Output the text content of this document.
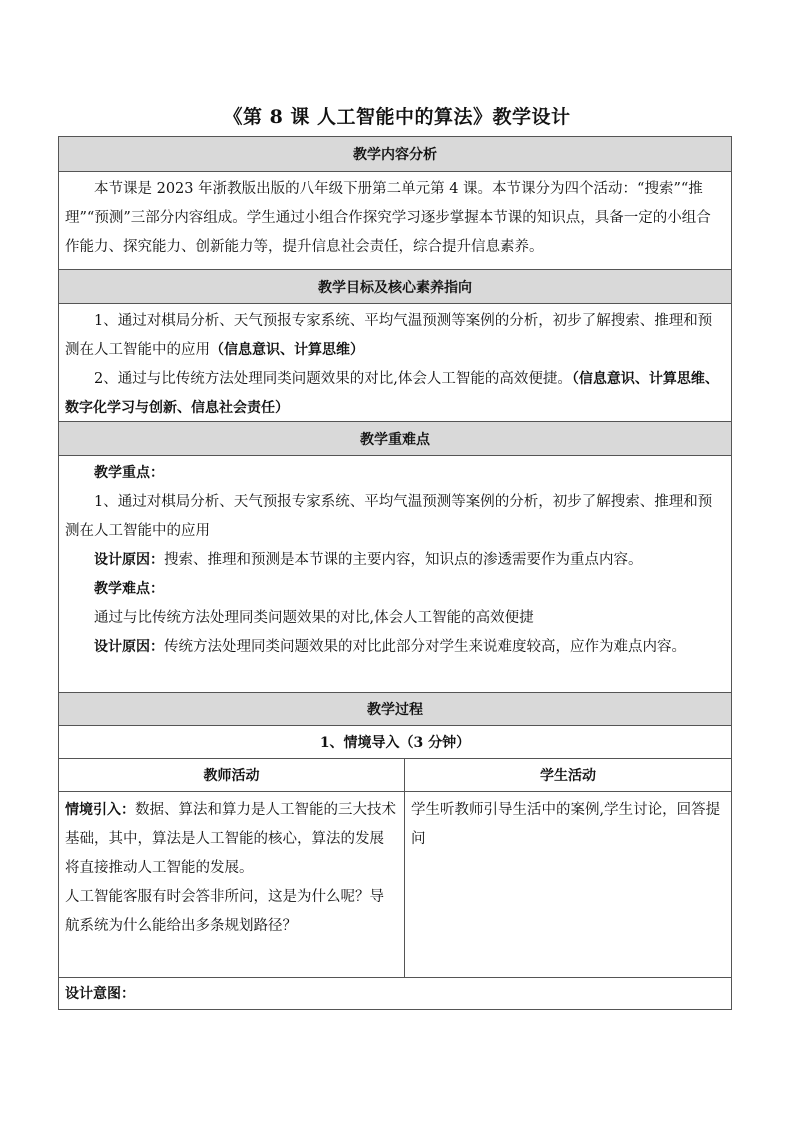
《第 8 课 人工智能中的算法》教学设计
教学内容分析

本节课是 2023 年浙教版出版的八年级下册第二单元第 4 课。本节课分为四个活动：“搜索”“推理”“预测”三部分内容组成。学生通过小组合作探究学习逐步掌握本节课的知识点，具备一定的小组合作能力、探究能力、创新能力等，提升信息社会责任，综合提升信息素养。

教学目标及核心素养指向

1、通过对棋局分析、天气预报专家系统、平均气温预测等案例的分析，初步了解搜索、推理和预测在人工智能中的应用（信息意识、计算思维）

2、通过与比传统方法处理同类问题效果的对比,体会人工智能的高效便捷。（信息意识、计算思维、数字化学习与创新、信息社会责任）

教学重难点

教学重点：

1、通过对棋局分析、天气预报专家系统、平均气温预测等案例的分析，初步了解搜索、推理和预测在人工智能中的应用

设计原因：搜索、推理和预测是本节课的主要内容，知识点的渗透需要作为重点内容。

教学难点：

通过与比传统方法处理同类问题效果的对比,体会人工智能的高效便捷

设计原因：传统方法处理同类问题效果的对比此部分对学生来说难度较高，应作为难点内容。

教学过程
1、情境导入（3 分钟）
教师活动	学生活动

情境引入：数据、算法和算力是人工智能的三大技术基础，其中，算法是人工智能的核心，算法的发展将直接推动人工智能的发展。

人工智能客服有时会答非所问，这是为什么呢？导航系统为什么能给出多条规划路径？

学生听教师引导生活中的案例,学生讨论，回答提问

设计意图：
